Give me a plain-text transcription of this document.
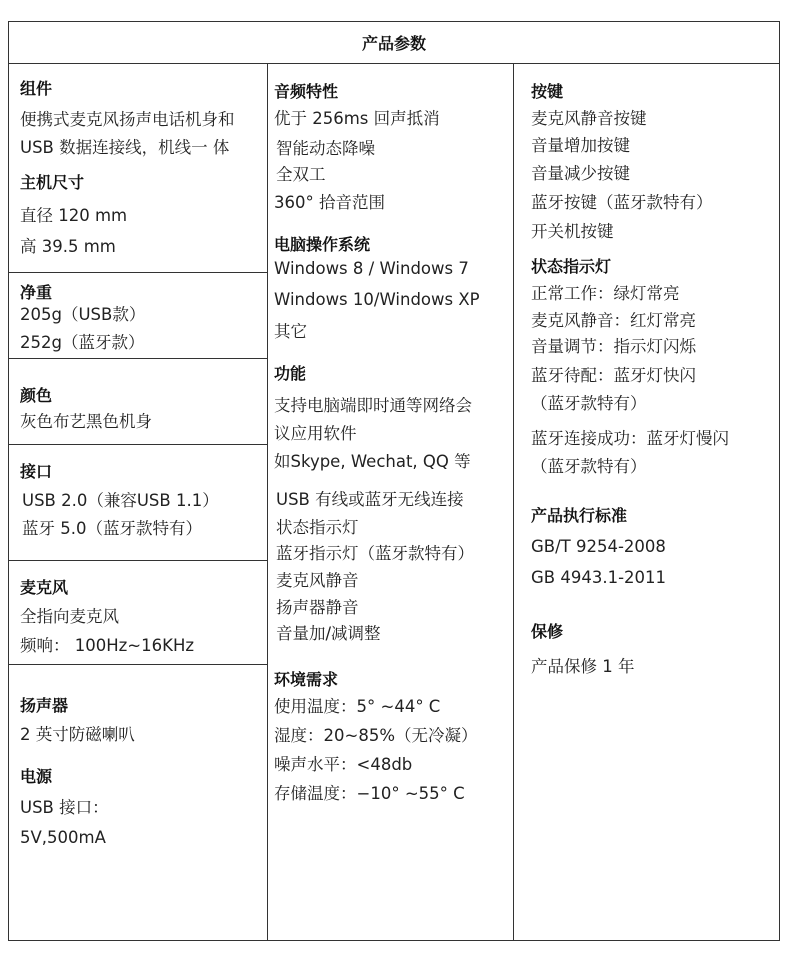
产品参数
组件
便携式麦克风扬声电话机身和
USB 数据连接线，机线一 体
主机尺寸
直径 120 mm
高 39.5 mm
净重
205g（USB款）
252g（蓝牙款）
颜色
灰色布艺黑色机身
接口
USB 2.0（兼容USB 1.1）
蓝牙 5.0（蓝牙款特有）
麦克风
全指向麦克风
频响： 100Hz~16KHz
扬声器
2 英寸防磁喇叭
电源
USB 接口：
5V,500mA
音频特性
优于 256ms 回声抵消
智能动态降噪
全双工
360° 拾音范围
电脑操作系统
Windows 8 / Windows 7
Windows 10/Windows XP
其它
功能
支持电脑端即时通等网络会
议应用软件
如Skype, Wechat, QQ 等
USB 有线或蓝牙无线连接
状态指示灯
蓝牙指示灯（蓝牙款特有）
麦克风静音
扬声器静音
音量加/减调整
环境需求
使用温度：5° ~44° C
湿度：20~85%（无冷凝）
噪声水平：<48db
存储温度：−10° ~55° C
按键
麦克风静音按键
音量增加按键
音量减少按键
蓝牙按键（蓝牙款特有）
开关机按键
状态指示灯
正常工作：绿灯常亮
麦克风静音：红灯常亮
音量调节：指示灯闪烁
蓝牙待配：蓝牙灯快闪
（蓝牙款特有）
蓝牙连接成功：蓝牙灯慢闪
（蓝牙款特有）
产品执行标准
GB/T 9254-2008
GB 4943.1-2011
保修
产品保修 1 年
